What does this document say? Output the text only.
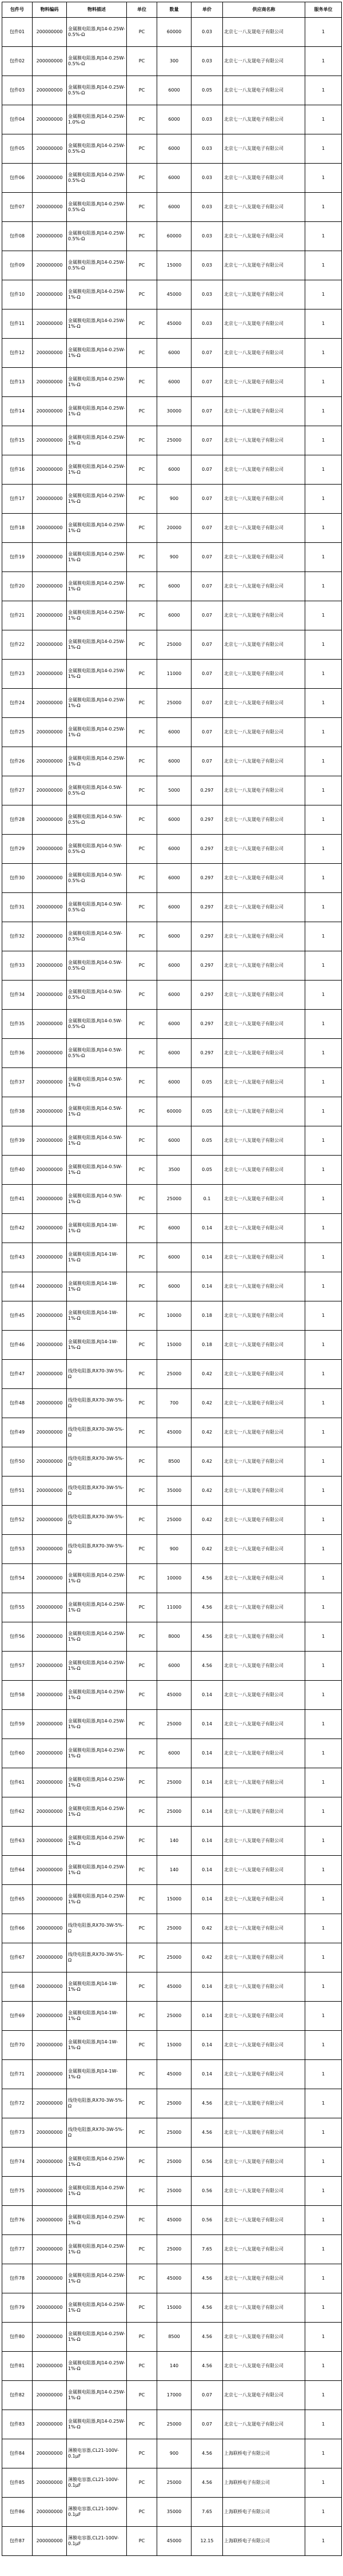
包件号	物料编码	物料描述	单位	数量	单价	供应商名称	服务单位
包件01	200000000	金属膜电阻器,RJ14-0.25W-0.5%-Ω	PC	60000	0.03	北京七一八友晟电子有限公司	1
包件02	200000000	金属膜电阻器,RJ14-0.25W-0.5%-Ω	PC	300	0.03	北京七一八友晟电子有限公司	1
包件03	200000000	金属膜电阻器,RJ14-0.25W-0.5%-Ω	PC	6000	0.05	北京七一八友晟电子有限公司	1
包件04	200000000	金属膜电阻器,RJ14-0.25W-1.0%-Ω	PC	6000	0.03	北京七一八友晟电子有限公司	1
包件05	200000000	金属膜电阻器,RJ14-0.25W-0.5%-Ω	PC	6000	0.03	北京七一八友晟电子有限公司	1
包件06	200000000	金属膜电阻器,RJ14-0.25W-0.5%-Ω	PC	6000	0.03	北京七一八友晟电子有限公司	1
包件07	200000000	金属膜电阻器,RJ14-0.25W-0.5%-Ω	PC	6000	0.03	北京七一八友晟电子有限公司	1
包件08	200000000	金属膜电阻器,RJ14-0.25W-0.5%-Ω	PC	60000	0.03	北京七一八友晟电子有限公司	1
包件09	200000000	金属膜电阻器,RJ14-0.25W-0.5%-Ω	PC	15000	0.03	北京七一八友晟电子有限公司	1
包件10	200000000	金属膜电阻器,RJ14-0.25W-1%-Ω	PC	45000	0.03	北京七一八友晟电子有限公司	1
包件11	200000000	金属膜电阻器,RJ14-0.25W-1%-Ω	PC	45000	0.03	北京七一八友晟电子有限公司	1
包件12	200000000	金属膜电阻器,RJ14-0.25W-1%-Ω	PC	6000	0.07	北京七一八友晟电子有限公司	1
包件13	200000000	金属膜电阻器,RJ14-0.25W-1%-Ω	PC	6000	0.07	北京七一八友晟电子有限公司	1
包件14	200000000	金属膜电阻器,RJ14-0.25W-1%-Ω	PC	30000	0.07	北京七一八友晟电子有限公司	1
包件15	200000000	金属膜电阻器,RJ14-0.25W-1%-Ω	PC	25000	0.07	北京七一八友晟电子有限公司	1
包件16	200000000	金属膜电阻器,RJ14-0.25W-1%-Ω	PC	6000	0.07	北京七一八友晟电子有限公司	1
包件17	200000000	金属膜电阻器,RJ14-0.25W-1%-Ω	PC	900	0.07	北京七一八友晟电子有限公司	1
包件18	200000000	金属膜电阻器,RJ14-0.25W-1%-Ω	PC	20000	0.07	北京七一八友晟电子有限公司	1
包件19	200000000	金属膜电阻器,RJ14-0.25W-1%-Ω	PC	900	0.07	北京七一八友晟电子有限公司	1
包件20	200000000	金属膜电阻器,RJ14-0.25W-1%-Ω	PC	6000	0.07	北京七一八友晟电子有限公司	1
包件21	200000000	金属膜电阻器,RJ14-0.25W-1%-Ω	PC	6000	0.07	北京七一八友晟电子有限公司	1
包件22	200000000	金属膜电阻器,RJ14-0.25W-1%-Ω	PC	25000	0.07	北京七一八友晟电子有限公司	1
包件23	200000000	金属膜电阻器,RJ14-0.25W-1%-Ω	PC	11000	0.07	北京七一八友晟电子有限公司	1
包件24	200000000	金属膜电阻器,RJ14-0.25W-1%-Ω	PC	25000	0.07	北京七一八友晟电子有限公司	1
包件25	200000000	金属膜电阻器,RJ14-0.25W-1%-Ω	PC	6000	0.07	北京七一八友晟电子有限公司	1
包件26	200000000	金属膜电阻器,RJ14-0.25W-1%-Ω	PC	6000	0.07	北京七一八友晟电子有限公司	1
包件27	200000000	金属膜电阻器,RJ14-0.5W-0.5%-Ω	PC	5000	0.297	北京七一八友晟电子有限公司	1
包件28	200000000	金属膜电阻器,RJ14-0.5W-0.5%-Ω	PC	6000	0.297	北京七一八友晟电子有限公司	1
包件29	200000000	金属膜电阻器,RJ14-0.5W-0.5%-Ω	PC	6000	0.297	北京七一八友晟电子有限公司	1
包件30	200000000	金属膜电阻器,RJ14-0.5W-0.5%-Ω	PC	6000	0.297	北京七一八友晟电子有限公司	1
包件31	200000000	金属膜电阻器,RJ14-0.5W-0.5%-Ω	PC	6000	0.297	北京七一八友晟电子有限公司	1
包件32	200000000	金属膜电阻器,RJ14-0.5W-0.5%-Ω	PC	6000	0.297	北京七一八友晟电子有限公司	1
包件33	200000000	金属膜电阻器,RJ14-0.5W-0.5%-Ω	PC	6000	0.297	北京七一八友晟电子有限公司	1
包件34	200000000	金属膜电阻器,RJ14-0.5W-0.5%-Ω	PC	6000	0.297	北京七一八友晟电子有限公司	1
包件35	200000000	金属膜电阻器,RJ14-0.5W-0.5%-Ω	PC	6000	0.297	北京七一八友晟电子有限公司	1
包件36	200000000	金属膜电阻器,RJ14-0.5W-0.5%-Ω	PC	6000	0.297	北京七一八友晟电子有限公司	1
包件37	200000000	金属膜电阻器,RJ14-0.5W-1%-Ω	PC	6000	0.05	北京七一八友晟电子有限公司	1
包件38	200000000	金属膜电阻器,RJ14-0.5W-1%-Ω	PC	60000	0.05	北京七一八友晟电子有限公司	1
包件39	200000000	金属膜电阻器,RJ14-0.5W-1%-Ω	PC	6000	0.05	北京七一八友晟电子有限公司	1
包件40	200000000	金属膜电阻器,RJ14-0.5W-1%-Ω	PC	3500	0.05	北京七一八友晟电子有限公司	1
包件41	200000000	金属膜电阻器,RJ14-0.5W-1%-Ω	PC	25000	0.1	北京七一八友晟电子有限公司	1
包件42	200000000	金属膜电阻器,RJ14-1W-1%-Ω	PC	6000	0.14	北京七一八友晟电子有限公司	1
包件43	200000000	金属膜电阻器,RJ14-1W-1%-Ω	PC	6000	0.14	北京七一八友晟电子有限公司	1
包件44	200000000	金属膜电阻器,RJ14-1W-1%-Ω	PC	6000	0.14	北京七一八友晟电子有限公司	1
包件45	200000000	金属膜电阻器,RJ14-1W-1%-Ω	PC	10000	0.18	北京七一八友晟电子有限公司	1
包件46	200000000	金属膜电阻器,RJ14-1W-1%-Ω	PC	15000	0.18	北京七一八友晟电子有限公司	1
包件47	200000000	线绕电阻器,RX70-3W-5%-Ω	PC	25000	0.42	北京七一八友晟电子有限公司	1
包件48	200000000	线绕电阻器,RX70-3W-5%-Ω	PC	700	0.42	北京七一八友晟电子有限公司	1
包件49	200000000	线绕电阻器,RX70-3W-5%-Ω	PC	45000	0.42	北京七一八友晟电子有限公司	1
包件50	200000000	线绕电阻器,RX70-3W-5%-Ω	PC	8500	0.42	北京七一八友晟电子有限公司	1
包件51	200000000	线绕电阻器,RX70-3W-5%-Ω	PC	35000	0.42	北京七一八友晟电子有限公司	1
包件52	200000000	线绕电阻器,RX70-3W-5%-Ω	PC	25000	0.42	北京七一八友晟电子有限公司	1
包件53	200000000	线绕电阻器,RX70-3W-5%-Ω	PC	900	0.42	北京七一八友晟电子有限公司	1
包件54	200000000	金属膜电阻器,RJ14-0.25W-1%-Ω	PC	10000	4.56	北京七一八友晟电子有限公司	1
包件55	200000000	金属膜电阻器,RJ14-0.25W-1%-Ω	PC	11000	4.56	北京七一八友晟电子有限公司	1
包件56	200000000	金属膜电阻器,RJ14-0.25W-1%-Ω	PC	8000	4.56	北京七一八友晟电子有限公司	1
包件57	200000000	金属膜电阻器,RJ14-0.25W-1%-Ω	PC	6000	4.56	北京七一八友晟电子有限公司	1
包件58	200000000	金属膜电阻器,RJ14-0.25W-1%-Ω	PC	45000	0.14	北京七一八友晟电子有限公司	1
包件59	200000000	金属膜电阻器,RJ14-0.25W-1%-Ω	PC	25000	0.14	北京七一八友晟电子有限公司	1
包件60	200000000	金属膜电阻器,RJ14-0.25W-1%-Ω	PC	6000	0.14	北京七一八友晟电子有限公司	1
包件61	200000000	金属膜电阻器,RJ14-0.25W-1%-Ω	PC	25000	0.14	北京七一八友晟电子有限公司	1
包件62	200000000	金属膜电阻器,RJ14-0.25W-1%-Ω	PC	25000	0.14	北京七一八友晟电子有限公司	1
包件63	200000000	金属膜电阻器,RJ14-0.25W-1%-Ω	PC	140	0.14	北京七一八友晟电子有限公司	1
包件64	200000000	金属膜电阻器,RJ14-0.25W-1%-Ω	PC	140	0.14	北京七一八友晟电子有限公司	1
包件65	200000000	金属膜电阻器,RJ14-0.25W-1%-Ω	PC	15000	0.14	北京七一八友晟电子有限公司	1
包件66	200000000	线绕电阻器,RX70-3W-5%-Ω	PC	25000	0.42	北京七一八友晟电子有限公司	1
包件67	200000000	线绕电阻器,RX70-3W-5%-Ω	PC	25000	0.42	北京七一八友晟电子有限公司	1
包件68	200000000	金属膜电阻器,RJ14-1W-1%-Ω	PC	45000	0.14	北京七一八友晟电子有限公司	1
包件69	200000000	金属膜电阻器,RJ14-1W-1%-Ω	PC	25000	0.14	北京七一八友晟电子有限公司	1
包件70	200000000	金属膜电阻器,RJ14-1W-1%-Ω	PC	15000	0.14	北京七一八友晟电子有限公司	1
包件71	200000000	金属膜电阻器,RJ14-1W-1%-Ω	PC	45000	0.14	北京七一八友晟电子有限公司	1
包件72	200000000	线绕电阻器,RX70-3W-5%-Ω	PC	25000	4.56	北京七一八友晟电子有限公司	1
包件73	200000000	线绕电阻器,RX70-3W-5%-Ω	PC	25000	4.56	北京七一八友晟电子有限公司	1
包件74	200000000	金属膜电阻器,RJ14-0.25W-1%-Ω	PC	25000	0.56	北京七一八友晟电子有限公司	1
包件75	200000000	金属膜电阻器,RJ14-0.25W-1%-Ω	PC	25000	0.56	北京七一八友晟电子有限公司	1
包件76	200000000	金属膜电阻器,RJ14-0.25W-1%-Ω	PC	45000	0.56	北京七一八友晟电子有限公司	1
包件77	200000000	金属膜电阻器,RJ14-0.25W-1%-Ω	PC	25000	7.65	北京七一八友晟电子有限公司	1
包件78	200000000	金属膜电阻器,RJ14-0.25W-1%-Ω	PC	45000	4.56	北京七一八友晟电子有限公司	1
包件79	200000000	金属膜电阻器,RJ14-0.25W-1%-Ω	PC	15000	4.56	北京七一八友晟电子有限公司	1
包件80	200000000	金属膜电阻器,RJ14-0.25W-1%-Ω	PC	8500	4.56	北京七一八友晟电子有限公司	1
包件81	200000000	金属膜电阻器,RJ14-0.25W-1%-Ω	PC	140	4.56	北京七一八友晟电子有限公司	1
包件82	200000000	金属膜电阻器,RJ14-0.25W-1%-Ω	PC	17000	0.07	北京七一八友晟电子有限公司	1
包件83	200000000	金属膜电阻器,RJ14-0.25W-1%-Ω	PC	25000	0.07	北京七一八友晟电子有限公司	1
包件84	200000000	薄膜电容器,CL21-100V-0.1μF	PC	900	4.56	上海联桥电子有限公司	1
包件85	200000000	薄膜电容器,CL21-100V-0.1μF	PC	25000	4.56	上海联桥电子有限公司	1
包件86	200000000	薄膜电容器,CL21-100V-0.1μF	PC	35000	7.65	上海联桥电子有限公司	1
包件87	200000000	薄膜电容器,CL21-100V-0.1μF	PC	45000	12.15	上海联桥电子有限公司	1
